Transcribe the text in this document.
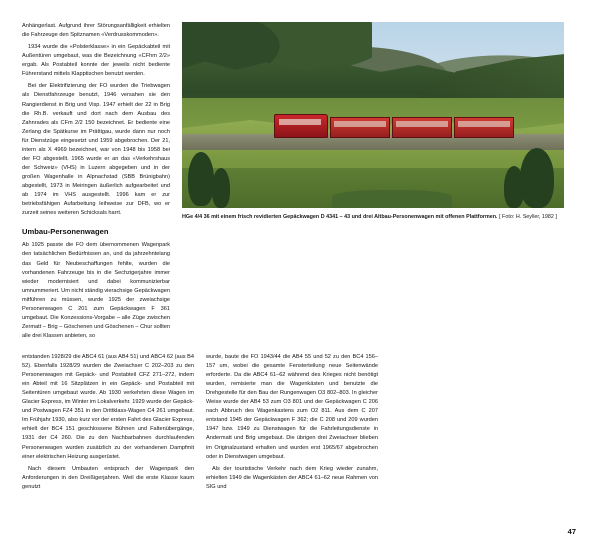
Anhängerlast. Aufgrund ihrer Störungsanfälligkeit erhielten die Fahrzeuge den Spitznamen «Verdrusskommoden».

1934 wurde die «Polsterklasse» in ein Gepäckabteil mit Außentüren umgebaut, was die Bezeichnung «CFhm 2/2» ergab. Als Postabteil konnte der jeweils nicht bediente Führerstand mittels Klapptischen benutzt werden.

Bei der Elektrifizierung der FO wurden die Triebwagen als Dienstfahrzeuge benutzt, 1946 versahen sie den Rangierdienst in Brig und Visp. 1947 erhielt der 22 in Brig die Rh.B. verkauft und dort nach dem Ausbau des Zahnrades als CFm 2/2 150 bezeichnet. Er bediente eine Zerlang die Spätkurse im Prättigau, wurde dann nur noch für Dienstzüge eingesetzt und 1959 abgebrochen. Der 21, intern als X 4969 bezeichnet, war von 1948 bis 1958 bei der FO abgestellt. 1965 wurde er an das «Verkehrshaus der Schweiz» (VHS) in Luzern abgegeben und in der großen Wagenhalle in Alpnachstad (SBB Brünigbahn) abgestellt, 1973 in Meiringen äußerlich aufgearbeitet und ab 1974 im VHS ausgestellt. 1996 kam er zur betriebsfähigen Aufarbeitung leihweise zur DFB, wo er zurzeit seines weiteren Schicksals harrt.

Umbau-Personenwagen

Ab 1925 passte die FO dem übernommenen Wagenpark den tatsächlichen Bedürfnissen an, und da jahrzehntelang das Geld für Neubeschaffungen fehlte, wurden die vorhandenen Fahrzeuge bis in die Sechzigerjahre immer wieder modernisiert und dabei kommunizierbar umnummeriert. Um nicht ständig vierachsige Gepäckwagen mitführen zu müssen, wurde 1925 der zweiachsige Personenwagen C 201 zum Gepäckwagen F 361 umgebaut. Die Konzessions-Vorgabe – alle Züge zwischen Zermatt – Brig – Göschenen und Göschenen – Chur sollten alle drei Klassen anbieten, so

HGe 4/4 36 mit einem frisch revidierten Gepäckwagen D 4341 – 43 und drei Altbau-Personenwagen mit offenen Plattformen. [ Foto: H. Seyller, 1982 ]

entstanden 1928/29 die ABC4 61 (aus AB4 51) und ABC4 62 (aus B4 52). Ebenfalls 1928/29 wurden die Zweiachser C 202–203 zu den Personenwagen mit Gepäck- und Postabteil CFZ 271–272, indem ein Abteil mit 16 Sitzplätzen in ein Gepäck- und Postabteil mit Seitentüren umgebaut wurde. Ab 1930 verkehrten diese Wagen im Glacier Express, im Winter im Lokalverkehr. 1929 wurde der Gepäck- und Postwagen FZ4 351 in den Drittklass-Wagen C4 261 umgebaut. Im Frühjahr 1930, also kurz vor der ersten Fahrt des Glacier Express, erhielt der BC4 151 geschlossene Bühnen und Faltenübergänge, 1931 der C4 260. Die zu den Nachbarbahnen durchlaufenden Personenwagen wurden zusätzlich zu der vorhandenen Dampfmit einer elektrischen Heizung ausgerüstet.

Nach diesem Umbauten entsprach der Wagenpark den Anforderungen in den Dreißigerjahren. Weil die erste Klasse kaum genutzt

wurde, baute die FO 1943/44 die AB4 55 und 52 zu den BC4 156–157 um, wobei die gesamte Fensterteilung neue Seitenwände erforderte. Da die ABC4 61–62 während des Krieges nicht benötigt wurden, remisierte man die Wagenkästen und benutzte die Drehgestelle für den Bau der Rungenwagen O3 802–803. In gleicher Weise wurde der AB4 53 zum O3 801 und der Gepäckwagen C 206 nach Abbruch des Wagenkastens zum O2 811. Aus dem C 207 entstand 1945 der Gepäckwagen F 362; die C 208 und 209 wurden 1947 bzw. 1949 zu Dienstwagen für die Fahrleitungsdienste in Andermatt und Brig umgebaut. Die übrigen drei Zweiachser blieben im Originalzustand erhalten und wurden erst 1965/67 abgebrochen oder in Dienstwagen umgebaut.

Als der touristische Verkehr nach dem Krieg wieder zunahm, erhielten 1949 die Wagenkästen der ABC4 61–62 neue Rahmen von SIG und

47
